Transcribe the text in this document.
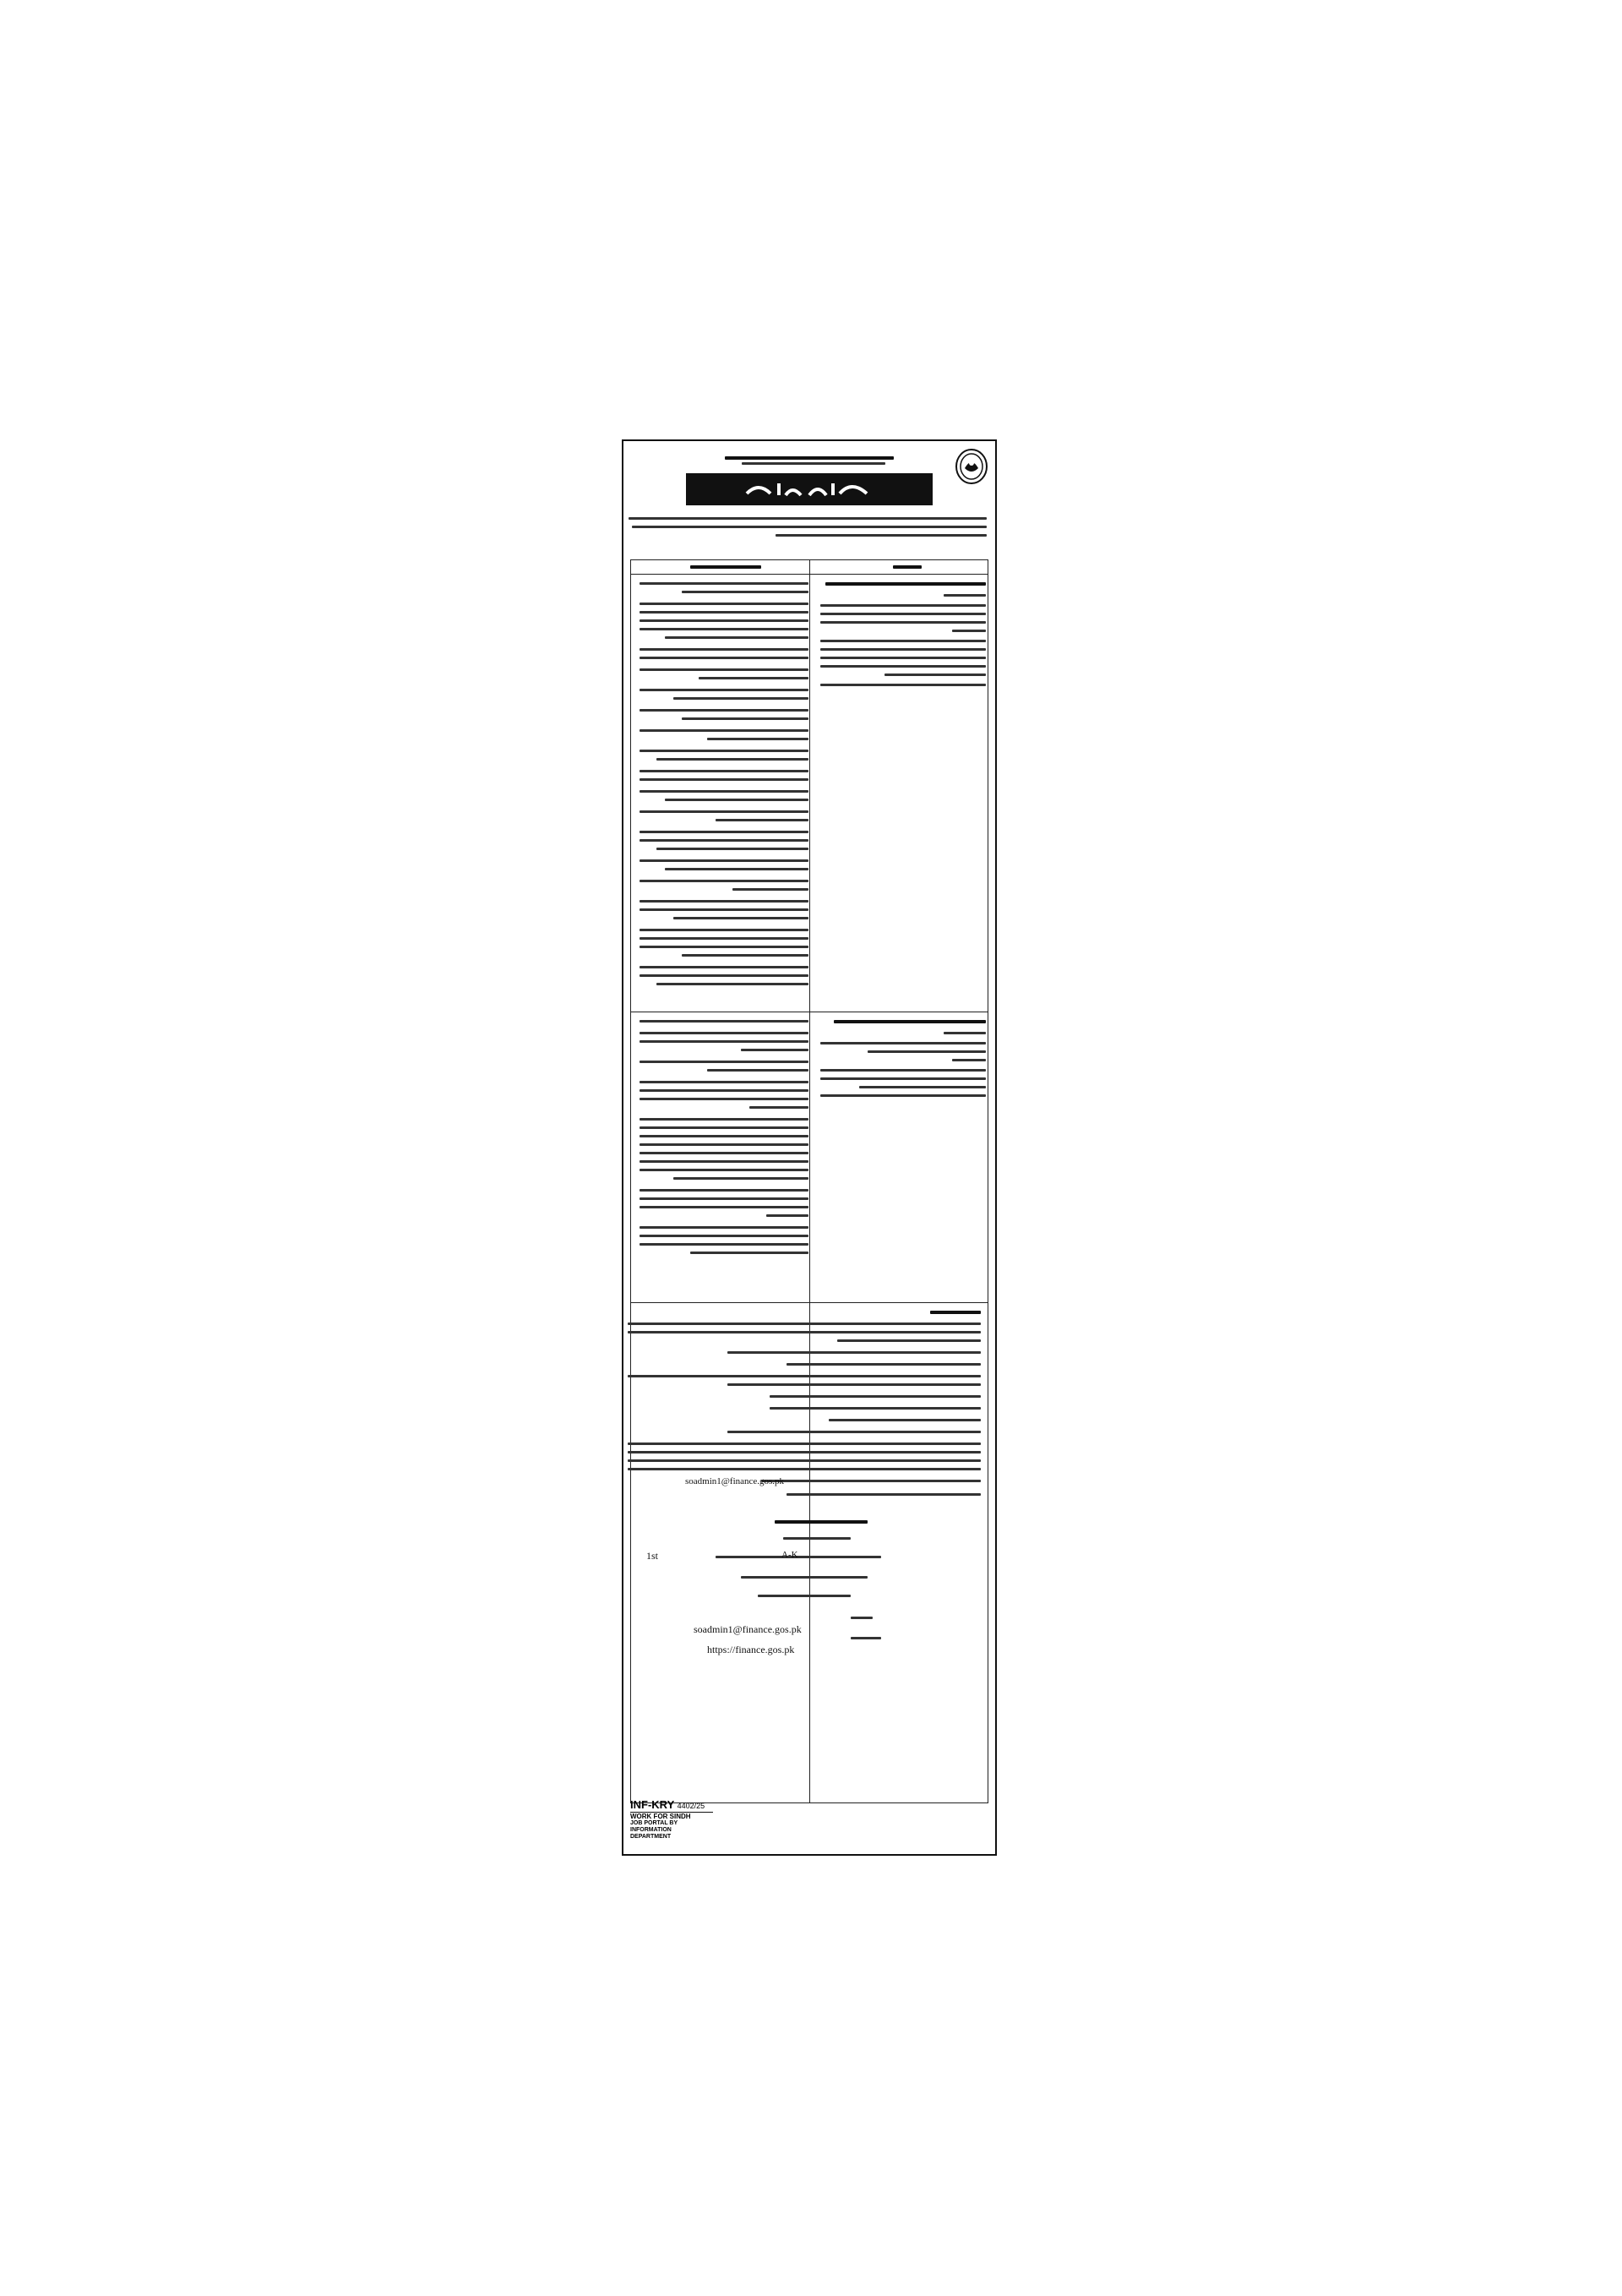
soadmin1@finance.gos.pk
1st	A-K
soadmin1@finance.gos.pk
https://finance.gos.pk
INF-KRY 4402/25
WORK FOR SINDH
JOB PORTAL BY
INFORMATION DEPARTMENT
